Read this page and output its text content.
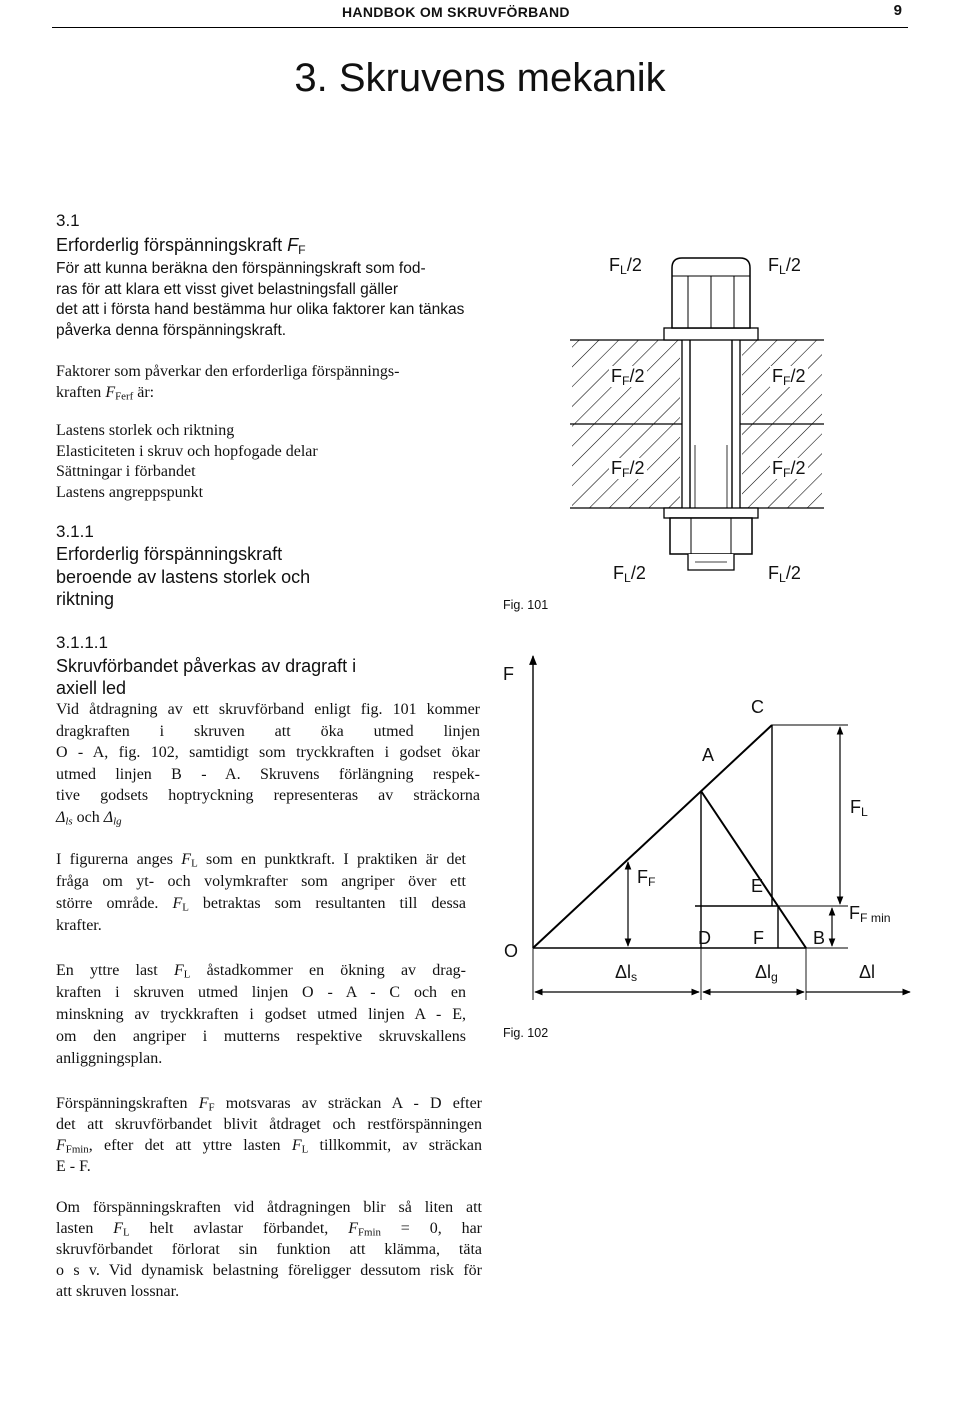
HANDBOK OM SKRUVFÖRBAND	9
3. Skruvens mekanik
3.1
Erforderlig förspänningskraft $F_F$
För att kunna beräkna den förspänningskraft som fod-
ras för att klara ett visst givet belastningsfall gäller
det att i första hand bestämma hur olika faktorer kan tänkas
påverka denna förspänningskraft.
Faktorer som påverkar den erforderliga förspännings-
kraften $F_{Ferf}$ är:
Lastens storlek och riktning
Elasticiteten i skruv och hopfogade delar
Sättningar i förbandet
Lastens angreppspunkt
3.1.1
Erforderlig förspänningskraft
beroende av lastens storlek och
riktning
3.1.1.1
Skruvförbandet påverkas av dragraft i
axiell led
Vid åtdragning av ett skruvförband enligt fig. 101 kommer
dragkraften i skruven att öka utmed linjen
O - A, fig. 102, samtidigt som tryckkraften i godset ökar
utmed linjen B - A. Skruvens förlängning respek-
tive godsets hoptryckning representeras av sträckorna
$\Delta_{ls}$ och $\Delta_{lg}$
I figurerna anges $F_L$ som en punktkraft. I praktiken är det
fråga om yt- och volymkrafter som angriper över ett
större område. $F_L$ betraktas som resultanten till dessa
krafter.
En yttre last $F_L$ åstadkommer en ökning av drag-
kraften i skruven utmed linjen O - A - C och en
minskning av tryckkraften i godset utmed linjen A - E,
om den angriper i mutterns respektive skruvskallens
anliggningsplan.
Förspänningskraften $F_F$ motsvaras av sträckan A - D efter
det att skruvförbandet blivit åtdraget och restförspänningen
$F_{Fmin}$, efter det att yttre lasten $F_L$ tillkommit, av sträckan
E - F.
Om förspänningskraften vid åtdragningen blir så liten att
lasten $F_L$ helt avlastar förbandet, $F_{Fmin} = 0$, har
skruvförbandet förlorat sin funktion att klämma, täta
o s v. Vid dynamisk belastning föreligger dessutom risk för
att skruven lossnar.
$F_L/2$	$F_L/2$
$F_F/2$	$F_F/2$
$F_F/2$	$F_F/2$
$F_L/2$	$F_L/2$
Fig. 101
F
C
A
$F_L$
$F_F$	E
$F_{F min}$
D F	B
O
$\Delta l_s$	$\Delta l_g$	Δl
Fig. 102
